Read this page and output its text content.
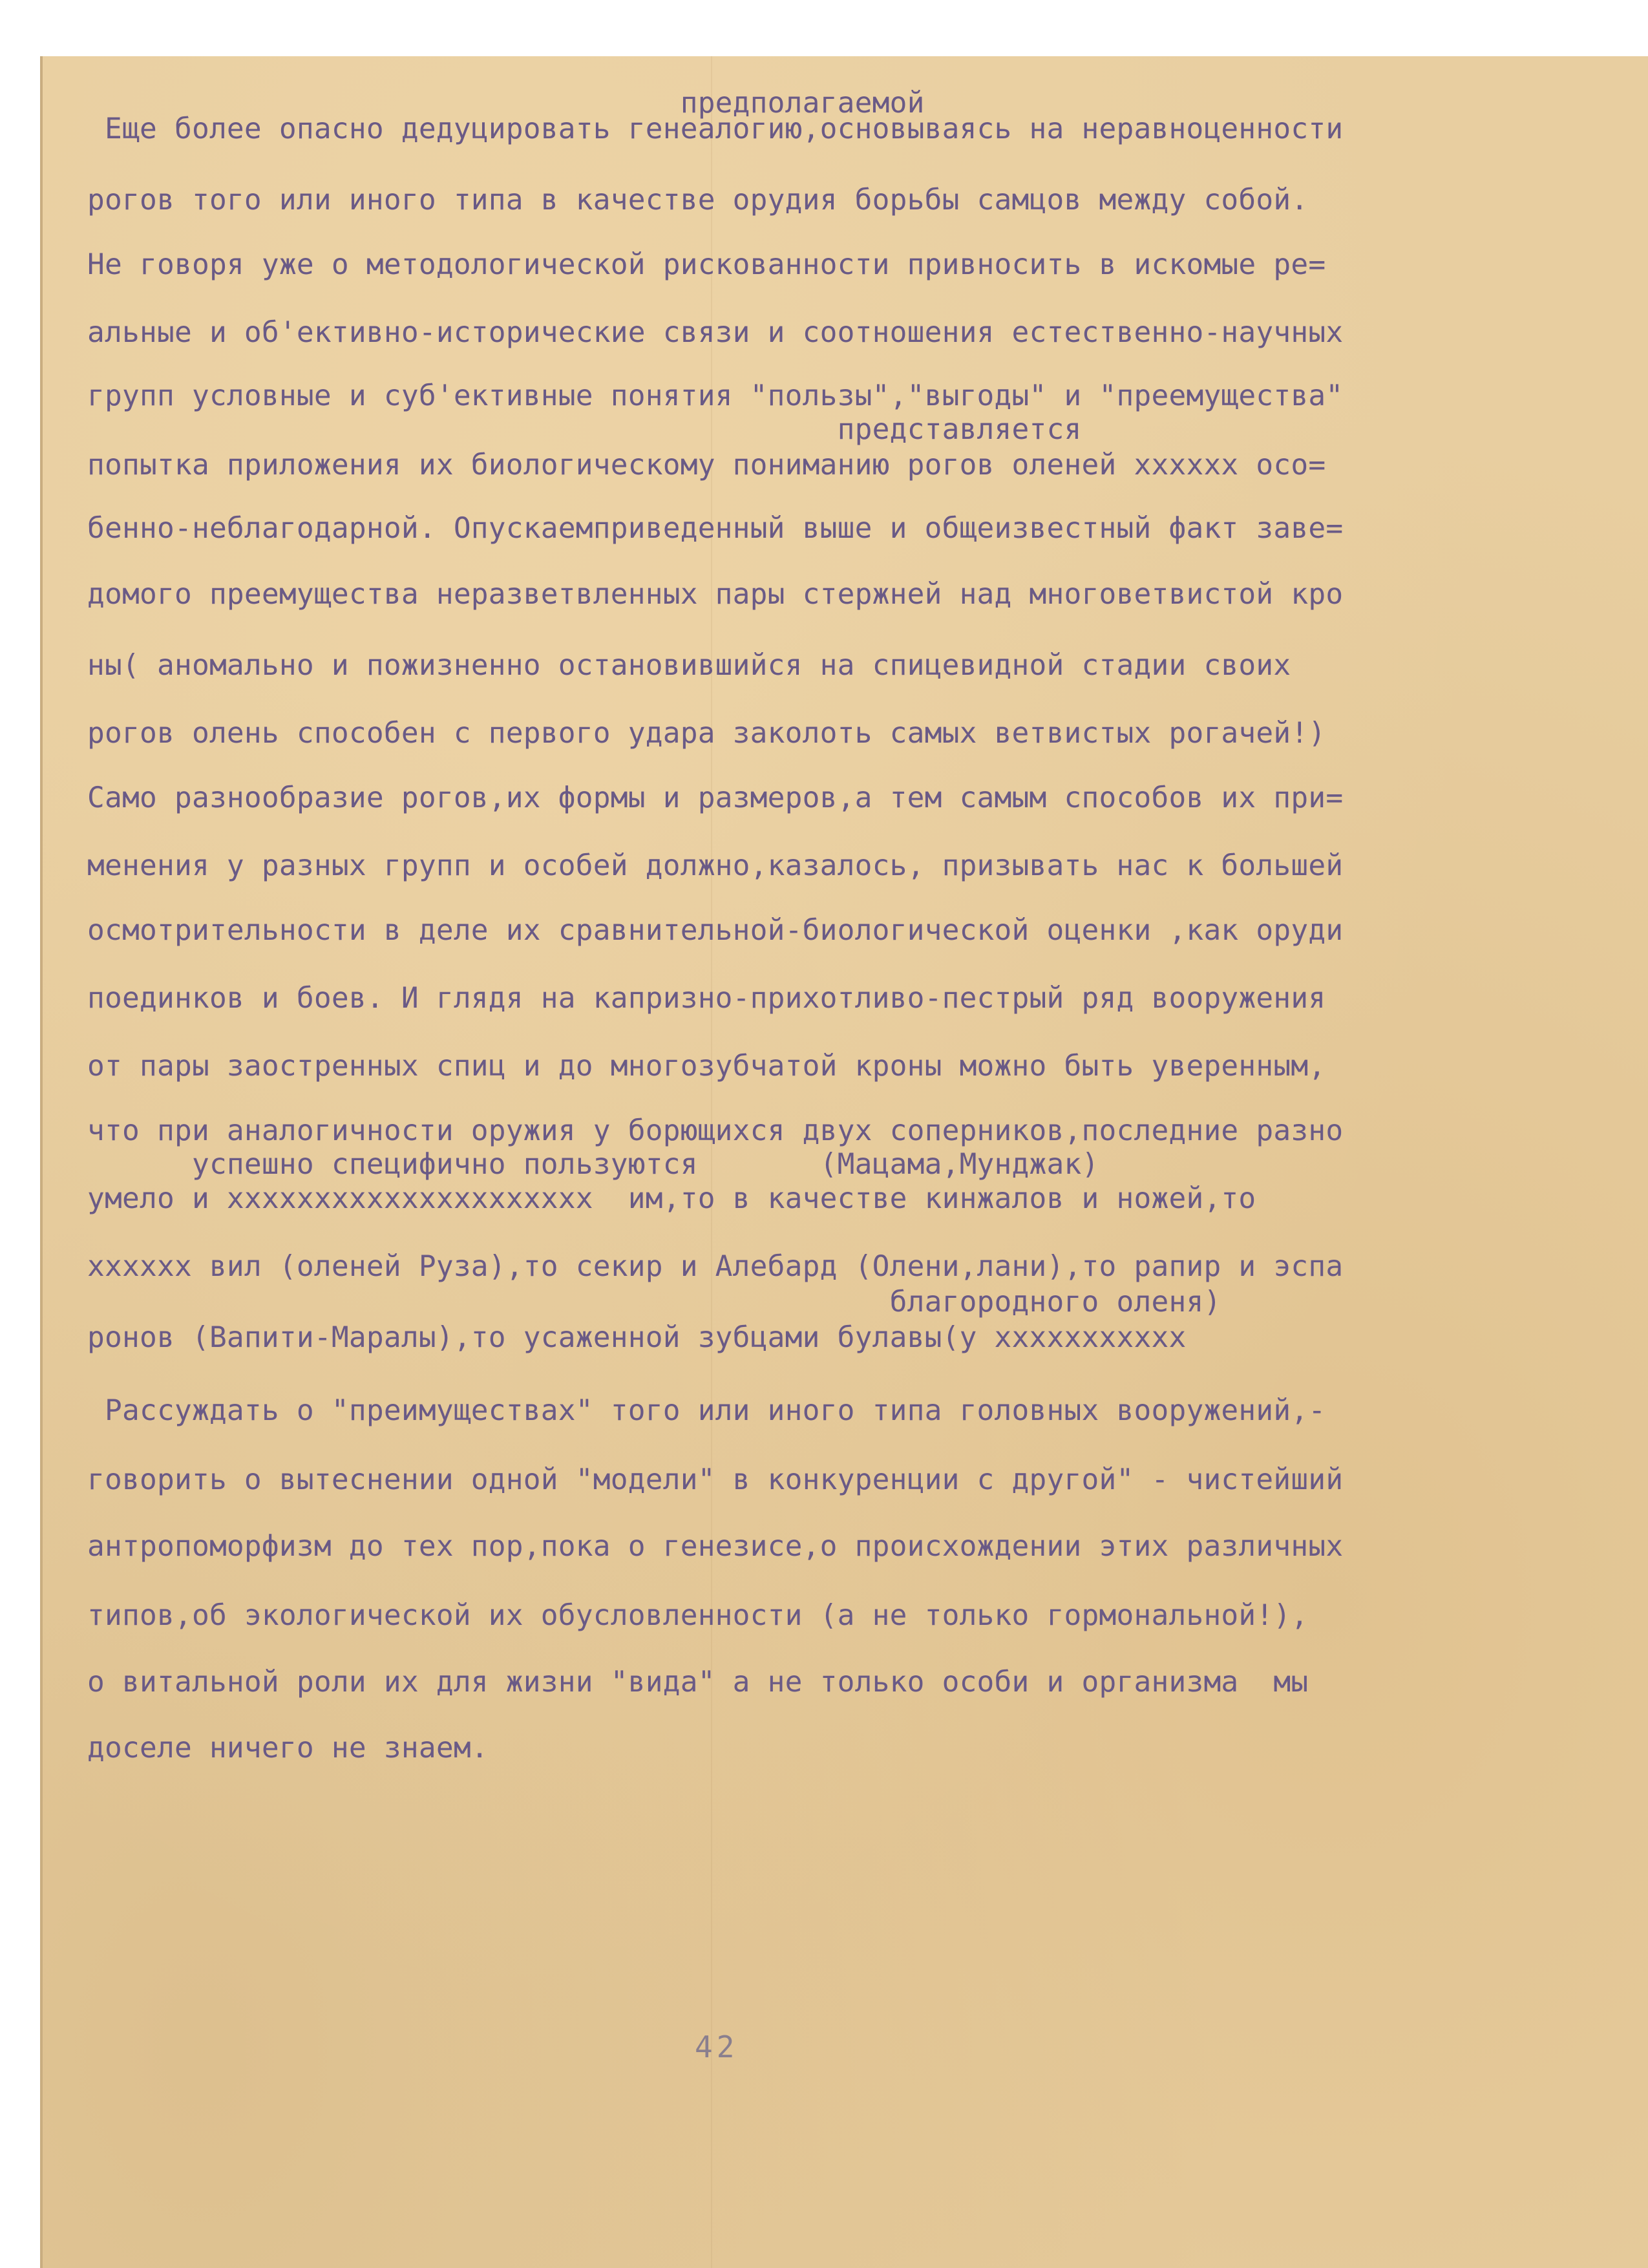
предполагаемой
Еще более опасно дедуцировать генеалогию,основываясь на неравноценности
рогов того или иного типа в качестве орудия борьбы самцов между собой.
Не говоря уже о методологической рискованности привносить в искомые ре=
альные и об'ективно-исторические связи и соотношения естественно-научных
групп условные и суб'ективные понятия "пользы","выгоды" и "преемущества"
представляется
попытка приложения их биологическому пониманию рогов оленей хххххх осо=
бенно-неблагодарной. Опускаемприведенный выше и общеизвестный факт заве=
домого преемущества неразветвленных пары стержней над многоветвистой кро
ны( аномально и пожизненно остановившийся на спицевидной стадии своих
рогов олень способен с первого удара заколоть самых ветвистых рогачей!)
Само разнообразие рогов,их формы и размеров,а тем самым способов их при=
менения у разных групп и особей должно,казалось, призывать нас к большей
осмотрительности в деле их сравнительной-биологической оценки ,как оруди
поединков и боев. И глядя на капризно-прихотливо-пестрый ряд вооружения
от пары заостренных спиц и до многозубчатой кроны можно быть уверенным,
что при аналогичности оружия у борющихся двух соперников,последние разно
успешно специфично пользуются       (Мацама,Мунджак)
умело и ххххххххххххххххххххх  им,то в качестве кинжалов и ножей,то
хххххх вил (оленей Руза),то секир и Алебард (Олени,лани),то рапир и эспа
благородного оленя)
ронов (Вапити-Маралы),то усаженной зубцами булавы(у ххххххххххх
Рассуждать о "преимуществах" того или иного типа головных вооружений,-
говорить о вытеснении одной "модели" в конкуренции с другой" - чистейший
антропоморфизм до тех пор,пока о генезисе,о происхождении этих различных
типов,об экологической их обусловленности (а не только гормональной!),
о витальной роли их для жизни "вида" а не только особи и организма  мы
доселе ничего не знаем.
42
